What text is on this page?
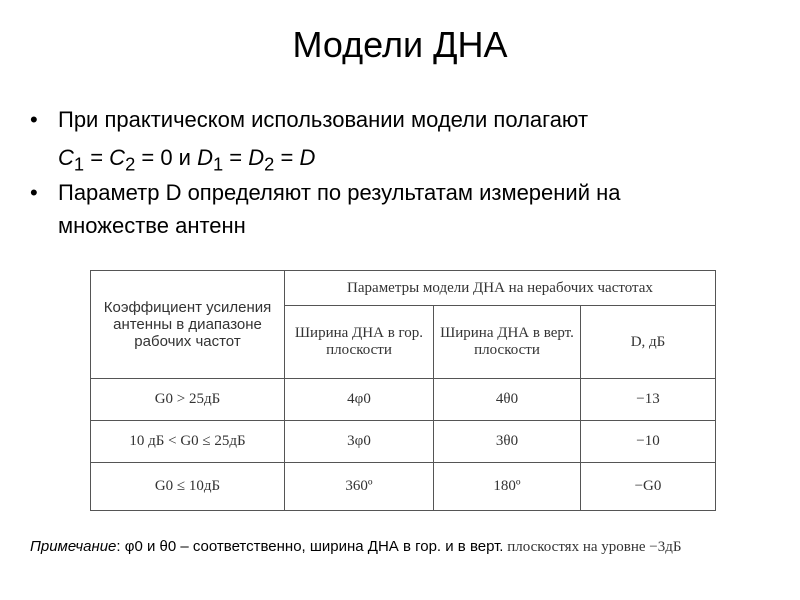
Модели ДНА
• При практическом использовании модели полагают
$C_1 = C_2 = 0$ и $D_1 = D_2 = D$
• Параметр D определяют по результатам измерений на
множестве антенн
Коэффициент усиления антенны в диапазоне рабочих частот	Параметры модели ДНА на нерабочих частотах		
	Ширина ДНА в гор. плоскости	Ширина ДНА в верт. плоскости	D, дБ
G0 > 25дБ	4φ0	4θ0	−13
10 дБ < G0 ≤ 25дБ	3φ0	3θ0	−10
G0 ≤ 10дБ	360º	180º	−G0
Примечание: φ0 и θ0 – соответственно, ширина ДНА в гор. и в верт. плоскостях на уровне −3дБ
